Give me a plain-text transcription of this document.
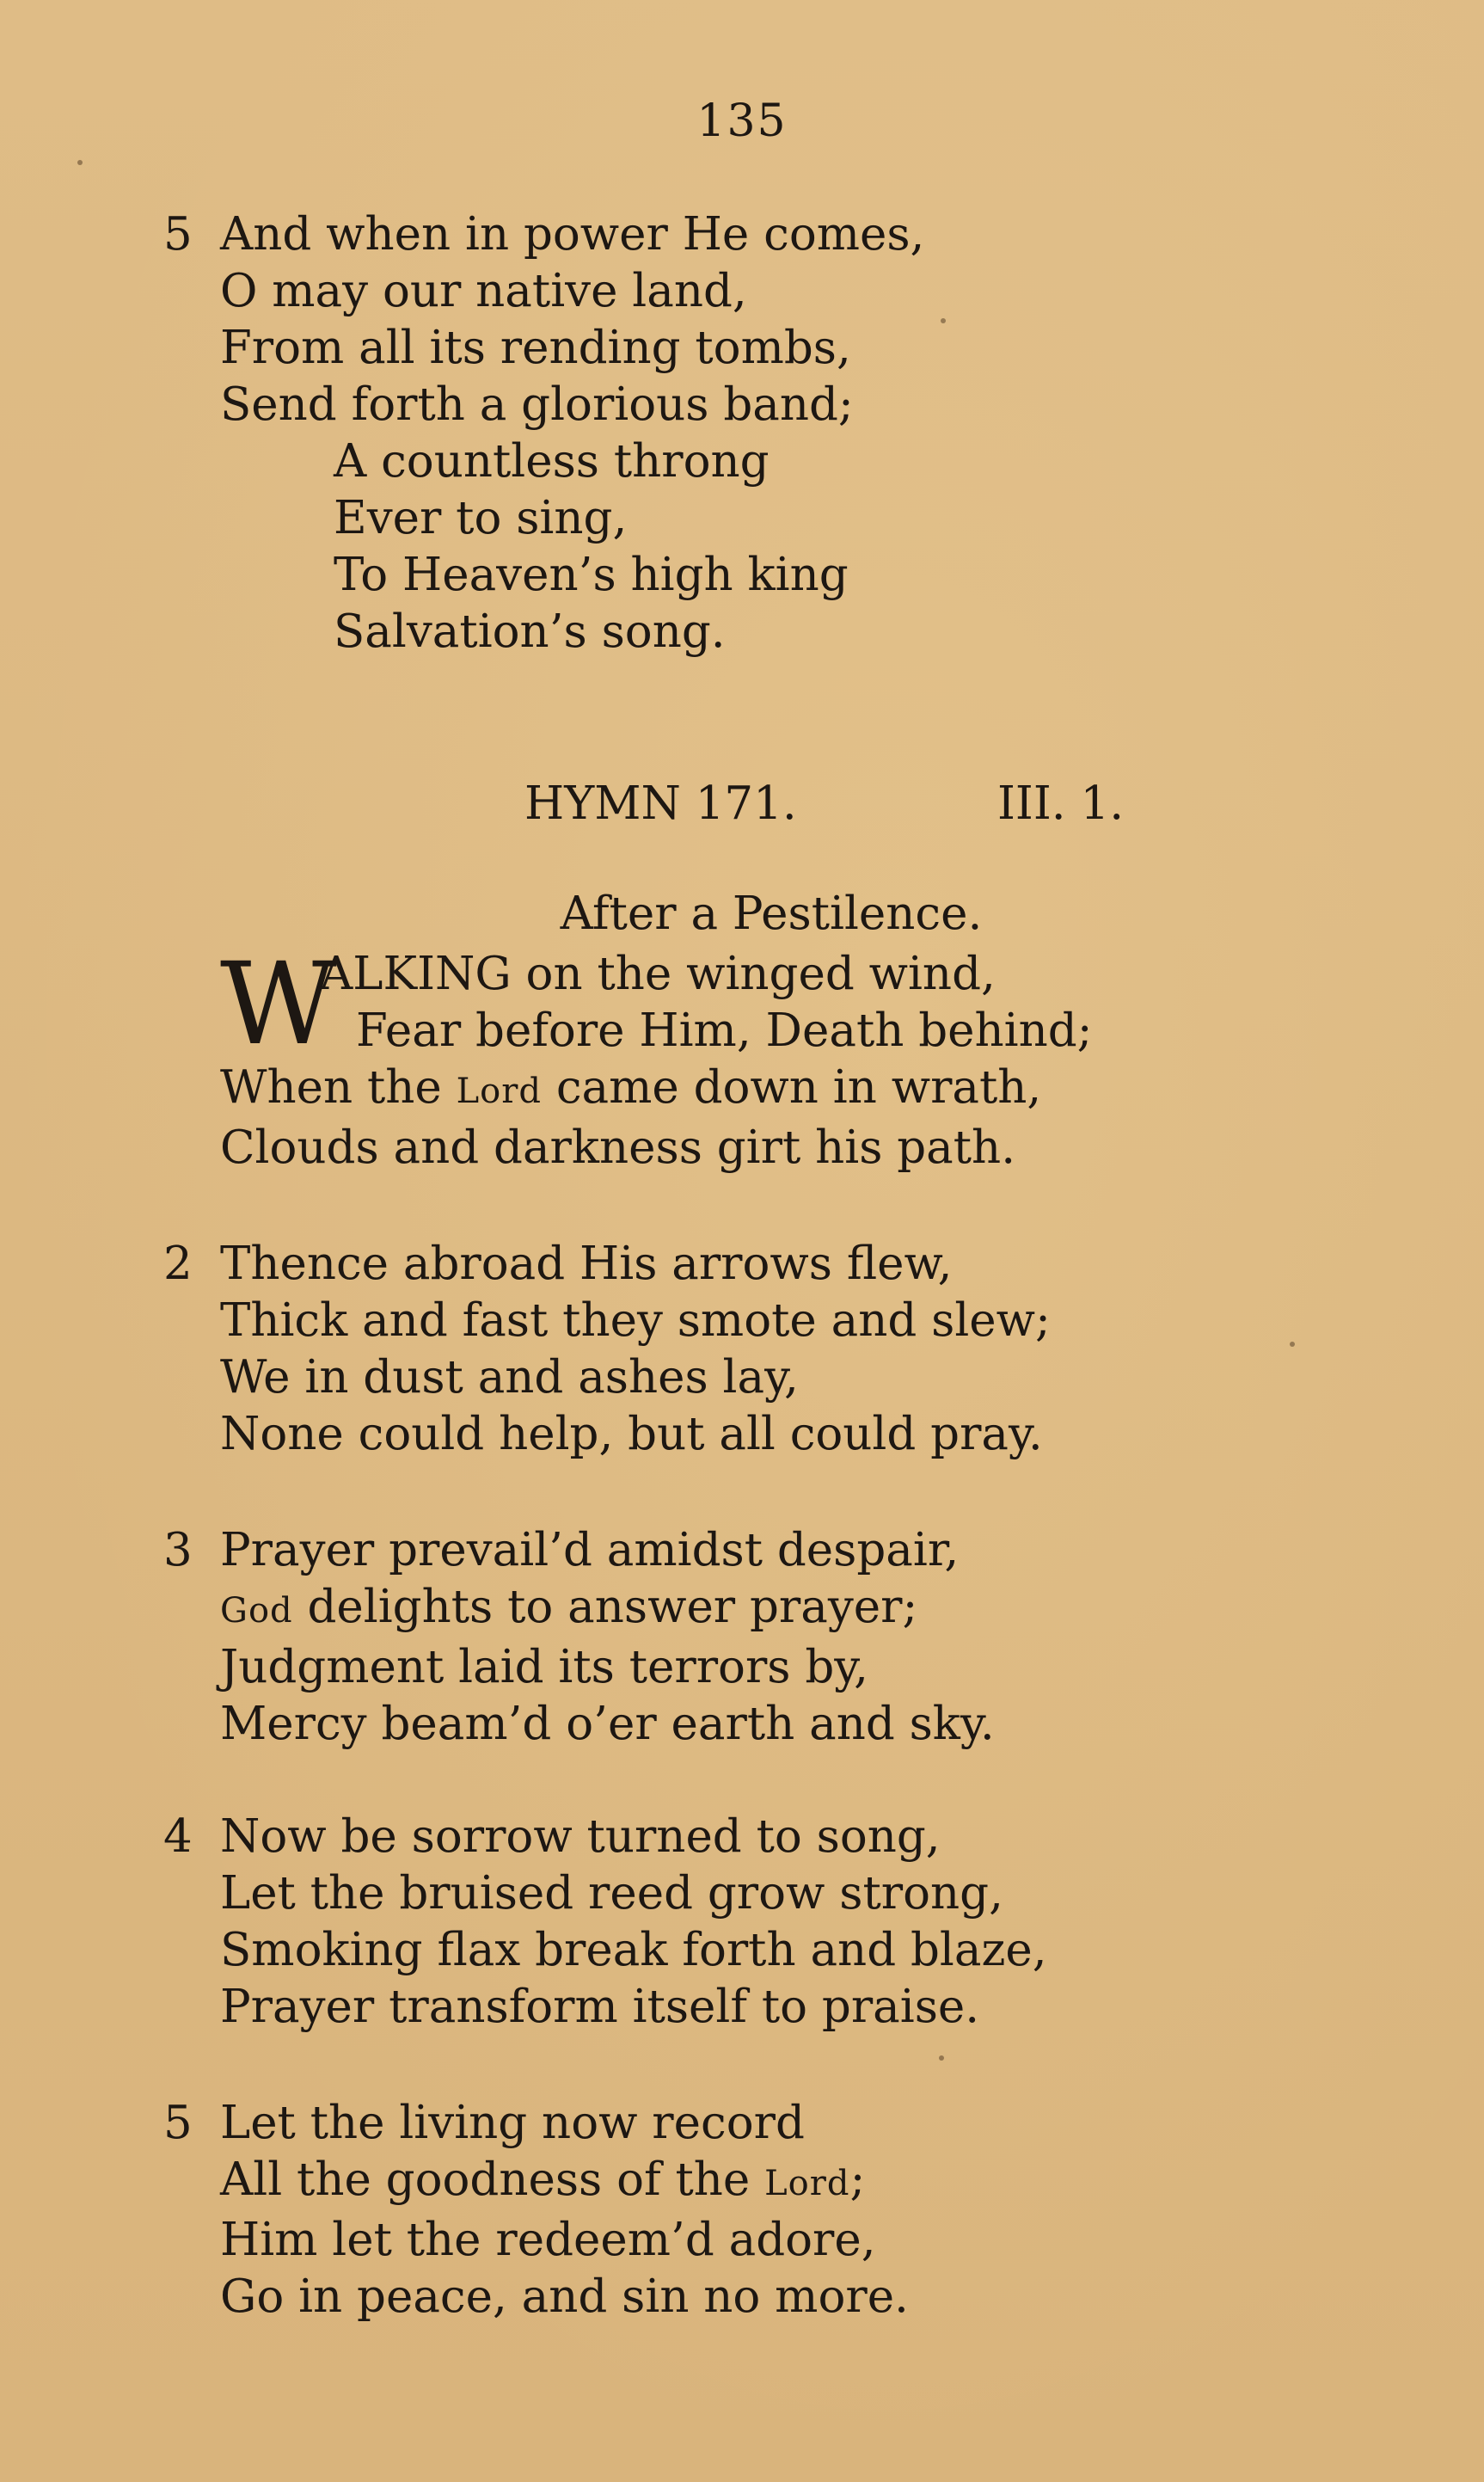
135
5 And when in power He comes,
O may our native land,
From all its rending tombs,
Send forth a glorious band;
A countless throng
Ever to sing,
To Heaven’s high king
Salvation’s song.
HYMN 171.	III. 1.
After a Pestilence.
W
ALKING on the winged wind,
Fear before Him, Death behind;
When the Lord came down in wrath,
Clouds and darkness girt his path.
2 Thence abroad His arrows flew,
Thick and fast they smote and slew;
We in dust and ashes lay,
None could help, but all could pray.
3 Prayer prevail’d amidst despair,
God delights to answer prayer;
Judgment laid its terrors by,
Mercy beam’d o’er earth and sky.
4 Now be sorrow turned to song,
Let the bruised reed grow strong,
Smoking flax break forth and blaze,
Prayer transform itself to praise.
5 Let the living now record
All the goodness of the Lord;
Him let the redeem’d adore,
Go in peace, and sin no more.
